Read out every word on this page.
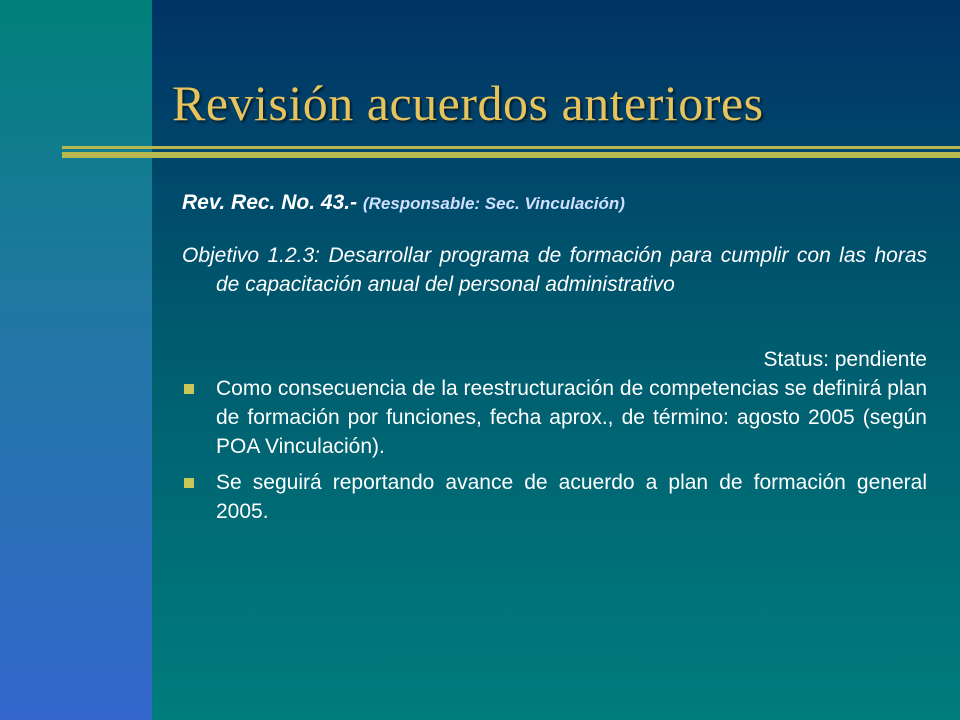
Revisión acuerdos anteriores

Rev. Rec. No. 43.- (Responsable: Sec. Vinculación)

Objetivo 1.2.3: Desarrollar programa de formación para cumplir con las horas de capacitación anual del personal administrativo

Status: pendiente

Como consecuencia de la reestructuración de competencias se definirá plan de formación por funciones, fecha aprox., de término: agosto 2005 (según POA Vinculación).
Se seguirá reportando avance de acuerdo a plan de formación general 2005.
